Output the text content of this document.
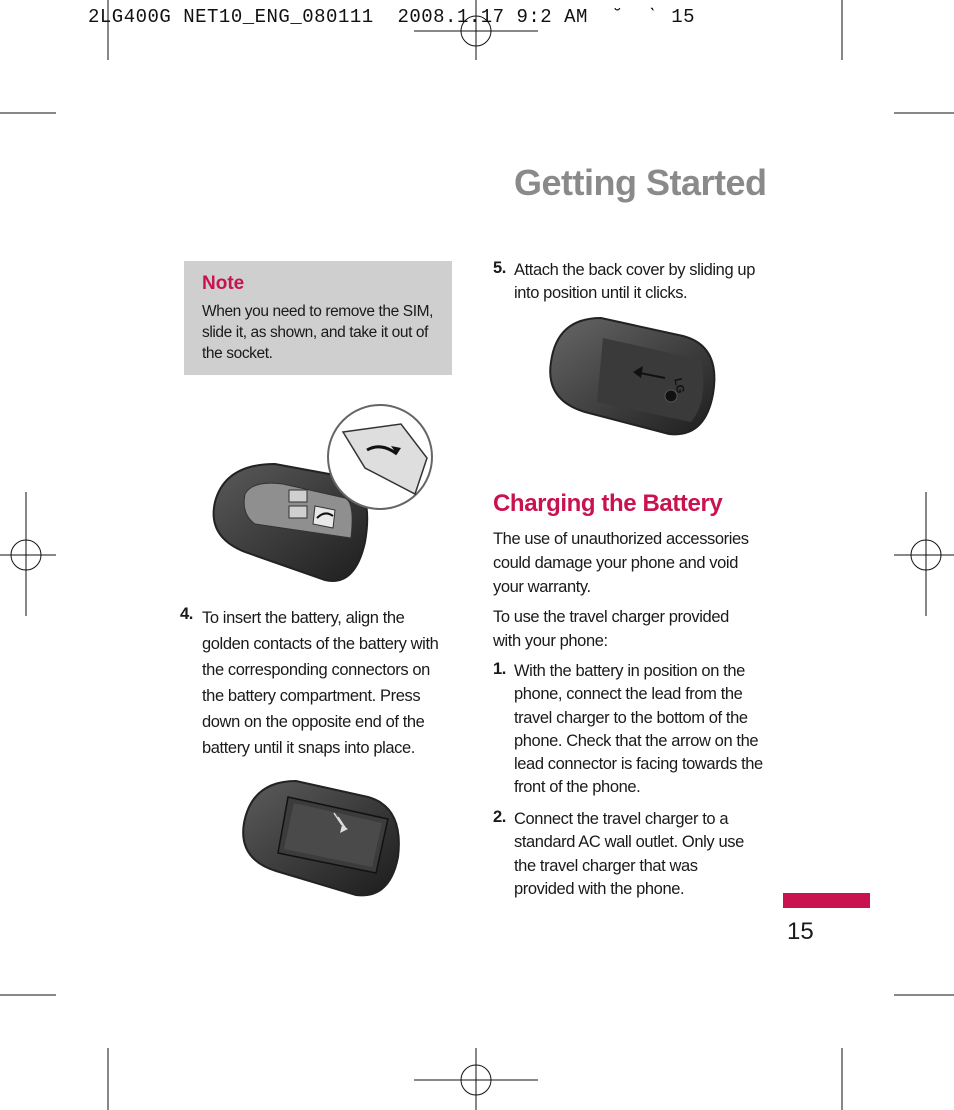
2LG400G NET10_ENG_080111  2008.1.17 9:2 AM  ˘  ˋ 15
Getting Started
Note
When you need to remove the SIM,
slide it, as shown, and take it out of
the socket.
4. To insert the battery, align the
golden contacts of the battery with
the corresponding connectors on
the battery compartment. Press
down on the opposite end of the
battery until it snaps into place.
5. Attach the back cover by sliding up
into position until it clicks.
LG
Charging the Battery
The use of unauthorized accessories
could damage your phone and void
your warranty.
To use the travel charger provided
with your phone:
1. With the battery in position on the
phone, connect the lead from the
travel charger to the bottom of the
phone. Check that the arrow on the
lead connector is facing towards the
front of the phone.
2. Connect the travel charger to a
standard AC wall outlet. Only use
the travel charger that was
provided with the phone.
15
